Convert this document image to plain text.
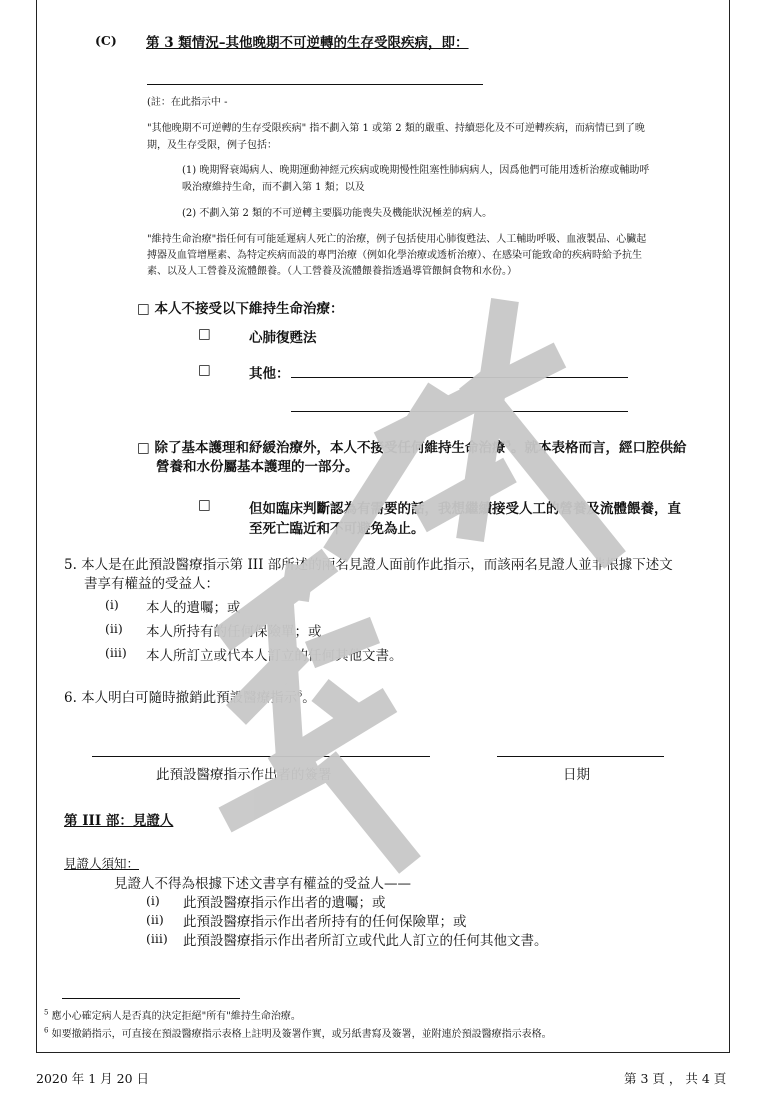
(C) 第 3 類情況–其他晚期不可逆轉的生存受限疾病，即：
(註：在此指示中 -
"其他晚期不可逆轉的生存受限疾病" 指不劃入第 1 或第 2 類的嚴重、持續惡化及不可逆轉疾病，而病情已到了晚
期，及生存受限，例子包括：
(1) 晚期腎衰竭病人、晚期運動神經元疾病或晚期慢性阻塞性肺病病人，因爲他們可能用透析治療或輔助呼
吸治療維持生命，而不劃入第 1 類；以及
(2) 不劃入第 2 類的不可逆轉主要腦功能喪失及機能狀況極差的病人。
"維持生命治療"指任何有可能延遲病人死亡的治療，例子包括使用心肺復甦法、人工輔助呼吸、血液製品、心臟起
搏器及血管增壓素、為特定疾病而設的專門治療（例如化學治療或透析治療）、在感染可能致命的疾病時給予抗生
素、以及人工營養及流體餵養。（人工營養及流體餵養指透過導管餵飼食物和水份。）
□ 本人不接受以下維持生命治療：
□	心肺復甦法
□	其他：
□ 除了基本護理和紓緩治療外，本人不接受任何維持生命治療$^5$。就本表格而言，經口腔供給
營養和水份屬基本護理的一部分。
□	但如臨床判斷認為有需要的話，我想繼續接受人工的營養及流體餵養，直
至死亡臨近和不可避免為止。
5. 本人是在此預設醫療指示第 III 部所述的兩名見證人面前作此指示，而該兩名見證人並非根據下述文
書享有權益的受益人：
(i) 本人的遺囑；或
(ii) 本人所持有的任何保險單；或
(iii) 本人所訂立或代本人訂立的任何其他文書。
6. 本人明白可隨時撤銷此預設醫療指示$^6$。
此預設醫療指示作出者的簽署	日期
第 III 部：見證人
見證人須知：
見證人不得為根據下述文書享有權益的受益人——
(i) 此預設醫療指示作出者的遺囑；或
(ii) 此預設醫療指示作出者所持有的任何保險單；或
(iii) 此預設醫療指示作出者所訂立或代此人訂立的任何其他文書。
$^5$ 應小心確定病人是否真的決定拒絕"所有"維持生命治療。
$^6$ 如要撤銷指示，可直接在預設醫療指示表格上註明及簽署作實，或另紙書寫及簽署，並附連於預設醫療指示表格。
2020 年 1 月 20 日	第 3 頁 ， 共 4 頁
樣本
